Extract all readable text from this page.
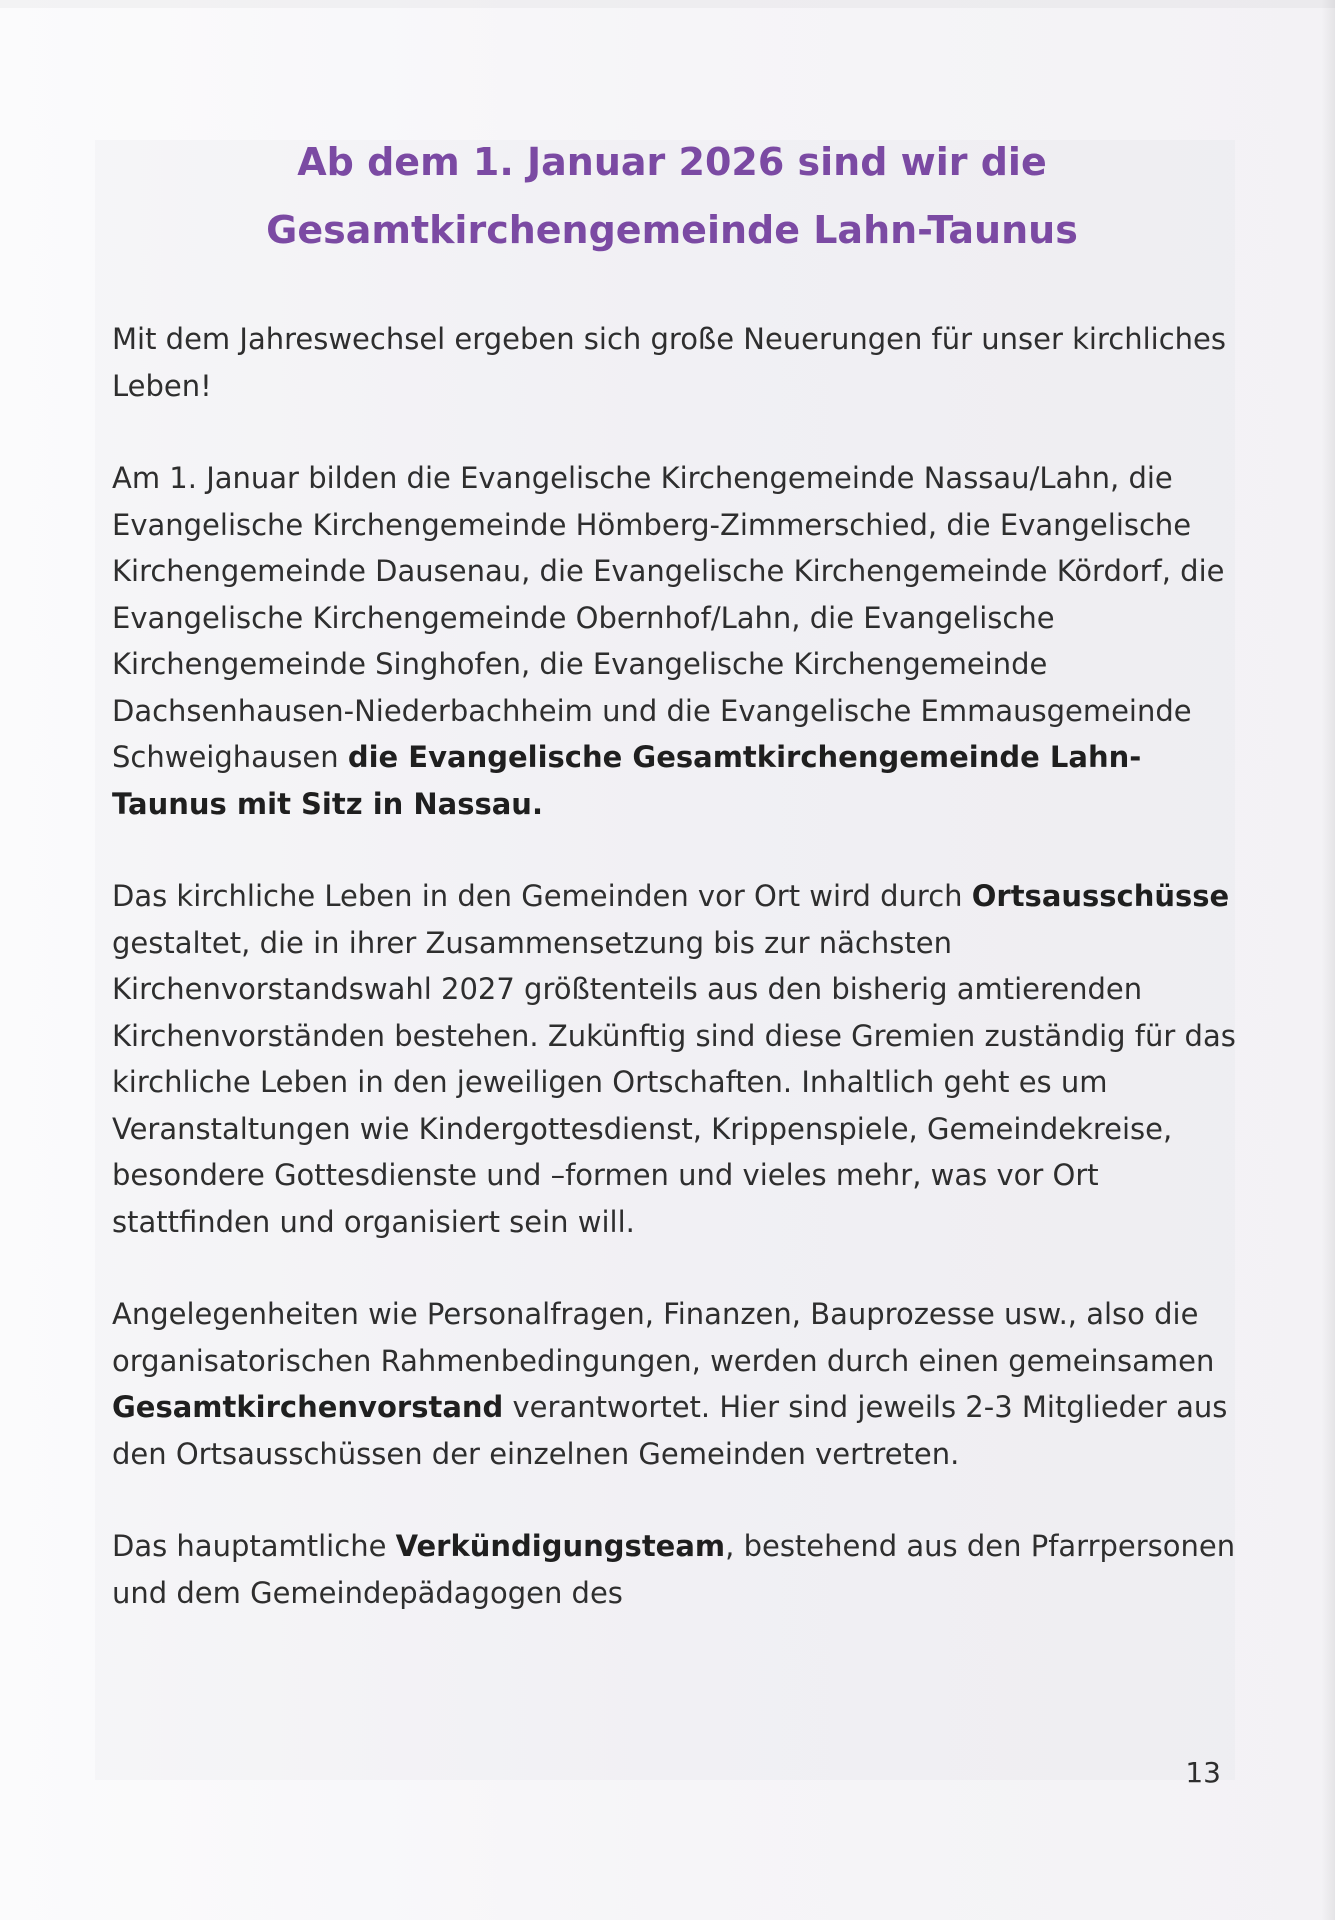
Ab dem 1. Januar 2026 sind wir die
Gesamtkirchengemeinde Lahn-Taunus

Mit dem Jahreswechsel ergeben sich große Neuerungen für unser kirchliches Leben!

Am 1. Januar bilden die Evangelische Kirchengemeinde Nassau/Lahn, die Evangelische Kirchengemeinde Hömberg-Zimmerschied, die Evangelische Kirchengemeinde Dausenau, die Evangelische Kirchengemeinde Kördorf, die Evangelische Kirchengemeinde Obernhof/Lahn, die Evangelische Kirchengemeinde Singhofen, die Evangelische Kirchengemeinde Dachsenhausen-Niederbachheim und die Evangelische Emmausgemeinde Schweighausen die Evangelische Gesamtkirchengemeinde Lahn-Taunus mit Sitz in Nassau.

Das kirchliche Leben in den Gemeinden vor Ort wird durch Ortsausschüsse gestaltet, die in ihrer Zusammensetzung bis zur nächsten Kirchenvorstandswahl 2027 größtenteils aus den bisherig amtierenden Kirchenvorständen bestehen. Zukünftig sind diese Gremien zuständig für das kirchliche Leben in den jeweiligen Ortschaften. Inhaltlich geht es um Veranstaltungen wie Kindergottesdienst, Krippenspiele, Gemeindekreise, besondere Gottesdienste und –formen und vieles mehr, was vor Ort stattfinden und organisiert sein will.

Angelegenheiten wie Personalfragen, Finanzen, Bauprozesse usw., also die organisatorischen Rahmenbedingungen, werden durch einen gemeinsamen Gesamtkirchenvorstand verantwortet. Hier sind jeweils 2-3 Mitglieder aus den Ortsausschüssen der einzelnen Gemeinden vertreten.

Das hauptamtliche Verkündigungsteam, bestehend aus den Pfarrpersonen und dem Gemeindepädagogen des

13
